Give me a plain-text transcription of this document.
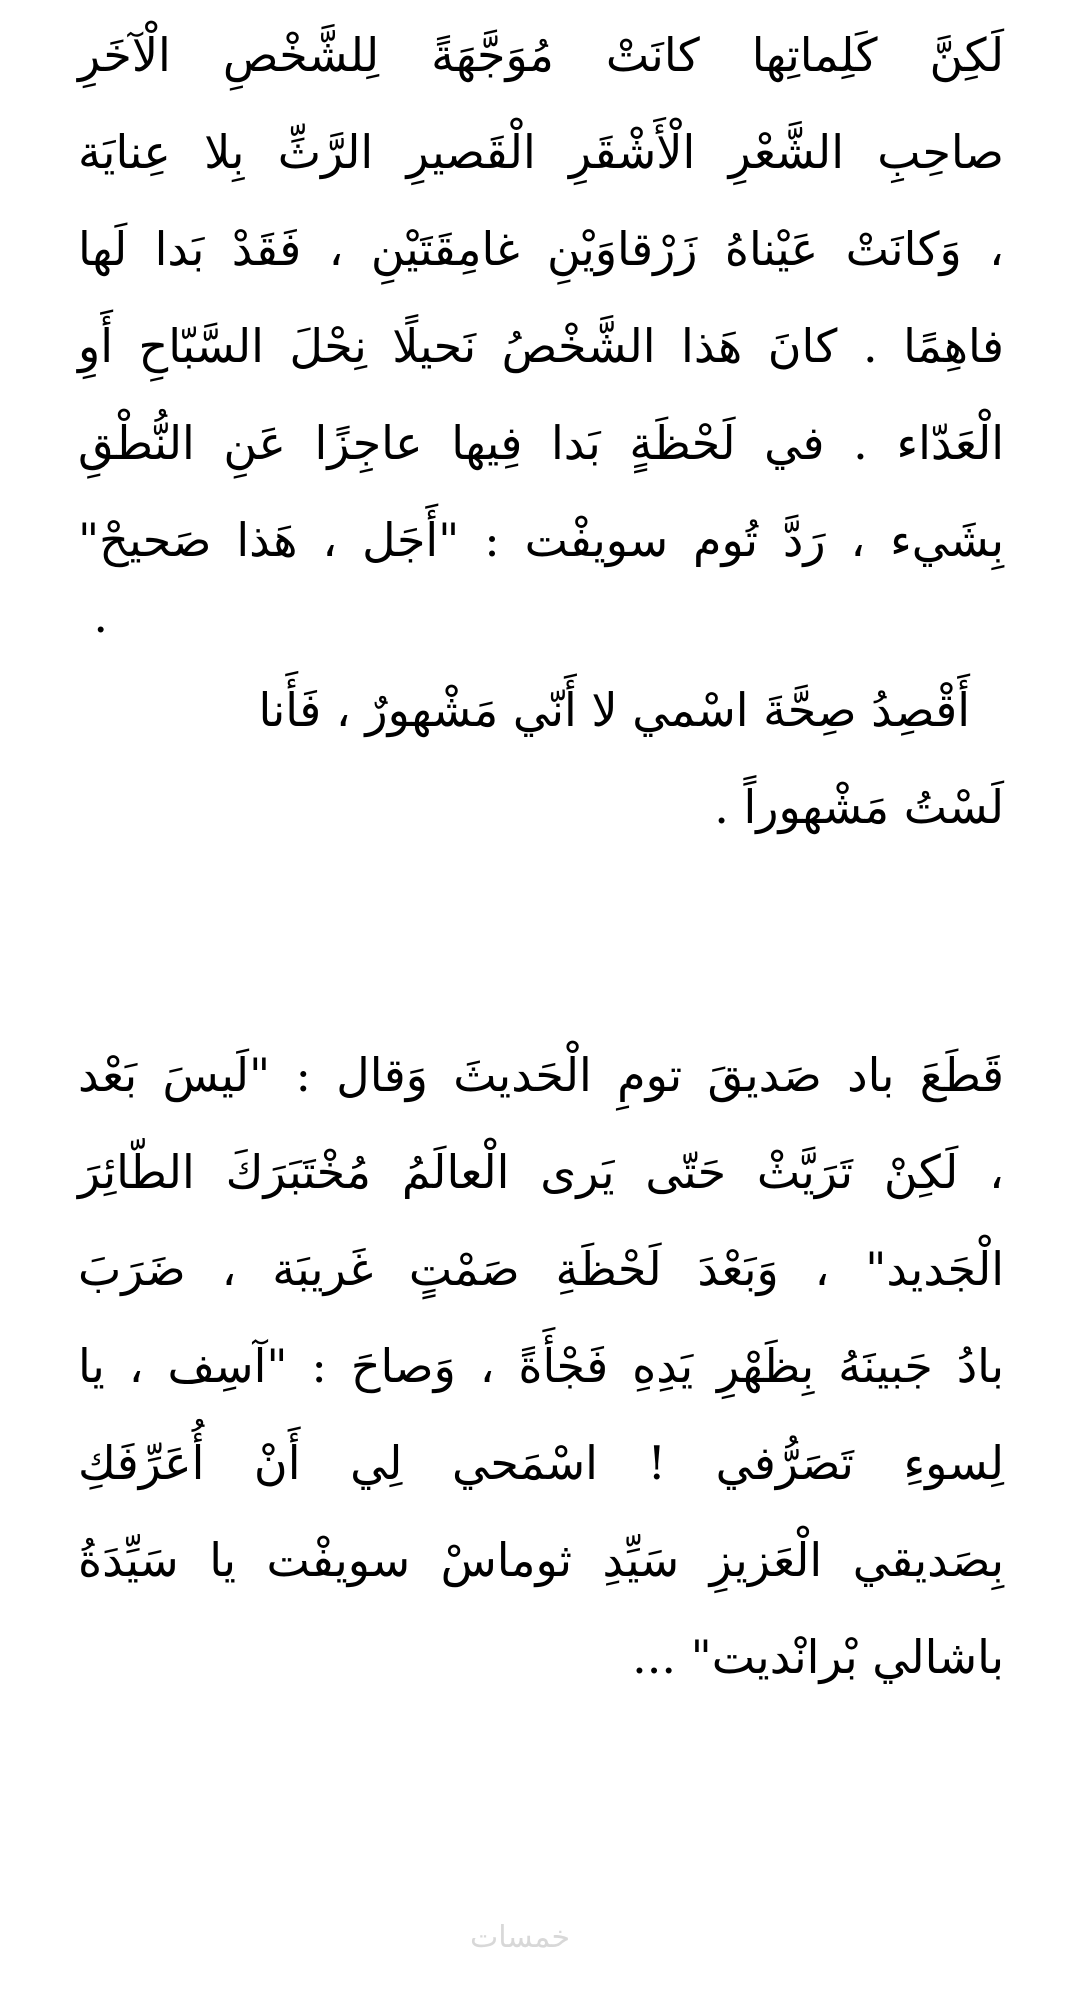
لَكِنَّ كَلِماتِها كانَتْ مُوَجَّهَةً لِلشَّخْصِ الْآخَرِ
صاحِبِ الشَّعْرِ الْأَشْقَرِ الْقَصيرِ الرَّثِّ بِلا عِنايَة
، وَكانَتْ عَيْناهُ زَرْقاوَيْنِ غامِقَتَيْنِ ، فَقَدْ بَدا لَها
فاهِمًا . كانَ هَذا الشَّخْصُ نَحيلًا نِحْلَ السَّبّاحِ أَوِ
الْعَدّاء . في لَحْظَةٍ بَدا فِيها عاجِزًا عَنِ النُّطْقِ
بِشَيء ، رَدَّ تُوم سويفْت : "أَجَل ، هَذا صَحيحْ"
.
أَقْصِدُ صِحَّةَ اسْمي لا أَنّي مَشْهورٌ ، فَأَنا
لَسْتُ مَشْهوراً .
قَطَعَ باد صَديقَ تومِ الْحَديثَ وَقال : "لَيسَ بَعْد
، لَكِنْ تَرَيَّثْ حَتّى يَرى الْعالَمُ مُخْتَبَرَكَ الطّائِرَ
الْجَديد" ، وَبَعْدَ لَحْظَةِ صَمْتٍ غَريبَة ، ضَرَبَ
بادُ جَبينَهُ بِظَهْرِ يَدِهِ فَجْأَةً ، وَصاحَ : "آسِف ، يا
لِسوءِ تَصَرُّفي ! اسْمَحي لِي أَنْ أُعَرِّفَكِ
بِصَديقي الْعَزيزِ سَيِّدِ ثوماسْ سويفْت يا سَيِّدَةُ
باشالي بْرانْديت" ...
خمسات
